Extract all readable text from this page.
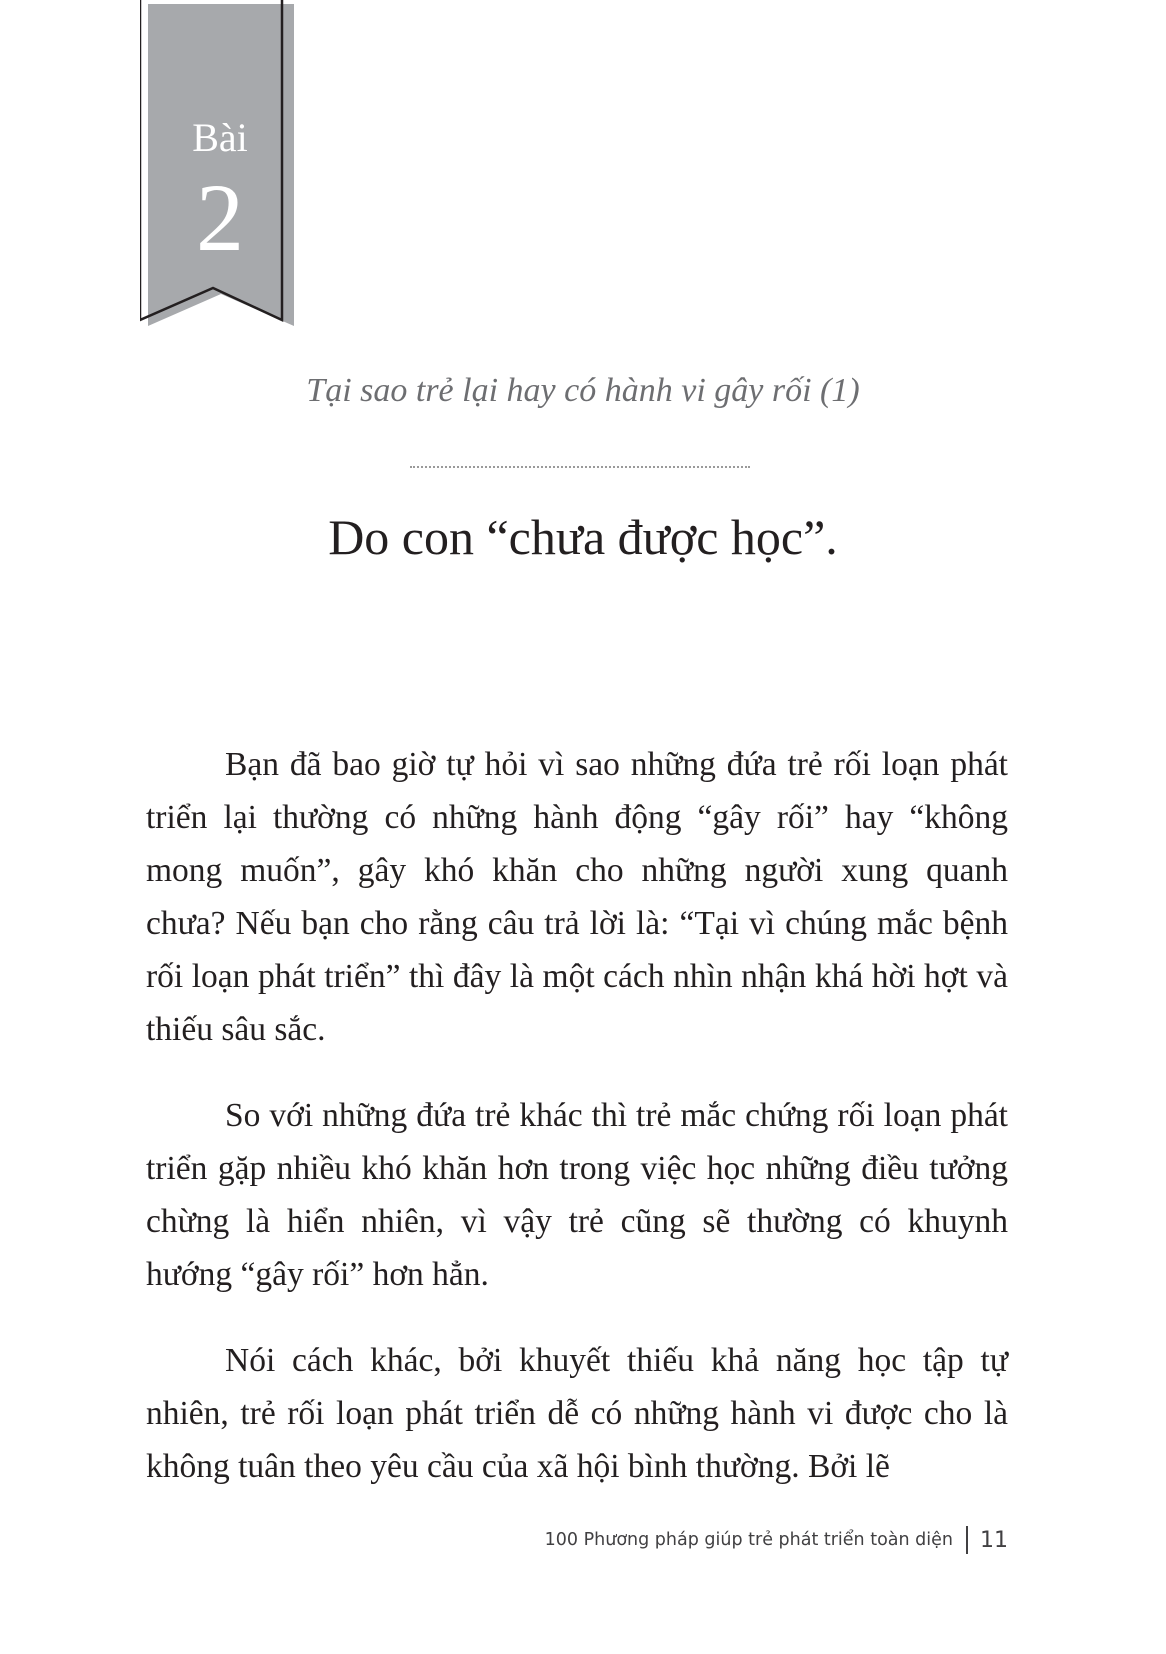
Bài
2
Tại sao trẻ lại hay có hành vi gây rối (1)
Do con “chưa được học”.

Bạn đã bao giờ tự hỏi vì sao những đứa trẻ rối loạn phát triển lại thường có những hành động “gây rối” hay “không mong muốn”, gây khó khăn cho những người xung quanh chưa? Nếu bạn cho rằng câu trả lời là: “Tại vì chúng mắc bệnh rối loạn phát triển” thì đây là một cách nhìn nhận khá hời hợt và thiếu sâu sắc.

So với những đứa trẻ khác thì trẻ mắc chứng rối loạn phát triển gặp nhiều khó khăn hơn trong việc học những điều tưởng chừng là hiển nhiên, vì vậy trẻ cũng sẽ thường có khuynh hướng “gây rối” hơn hẳn.

Nói cách khác, bởi khuyết thiếu khả năng học tập tự nhiên, trẻ rối loạn phát triển dễ có những hành vi được cho là không tuân theo yêu cầu của xã hội bình thường. Bởi lẽ

100 Phương pháp giúp trẻ phát triển toàn diện 11
